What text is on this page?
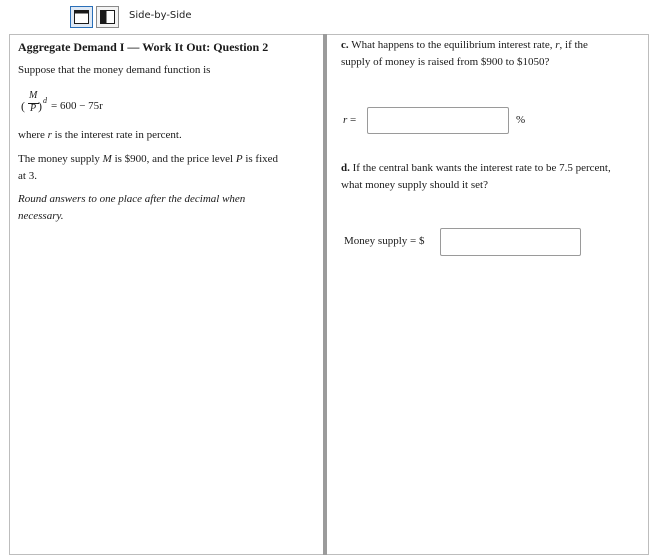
Side-by-Side
Aggregate Demand I — Work It Out: Question 2
Suppose that the money demand function is
(
M
P ) d = 600 − 75r
where r is the interest rate in percent.
The money supply M is $900, and the price level P is fixed
at 3.
Round answers to one place after the decimal when
necessary.
c. What happens to the equilibrium interest rate, r, if the
supply of money is raised from $900 to $1050?
r =	%
d. If the central bank wants the interest rate to be 7.5 percent,
what money supply should it set?
Money supply = $
